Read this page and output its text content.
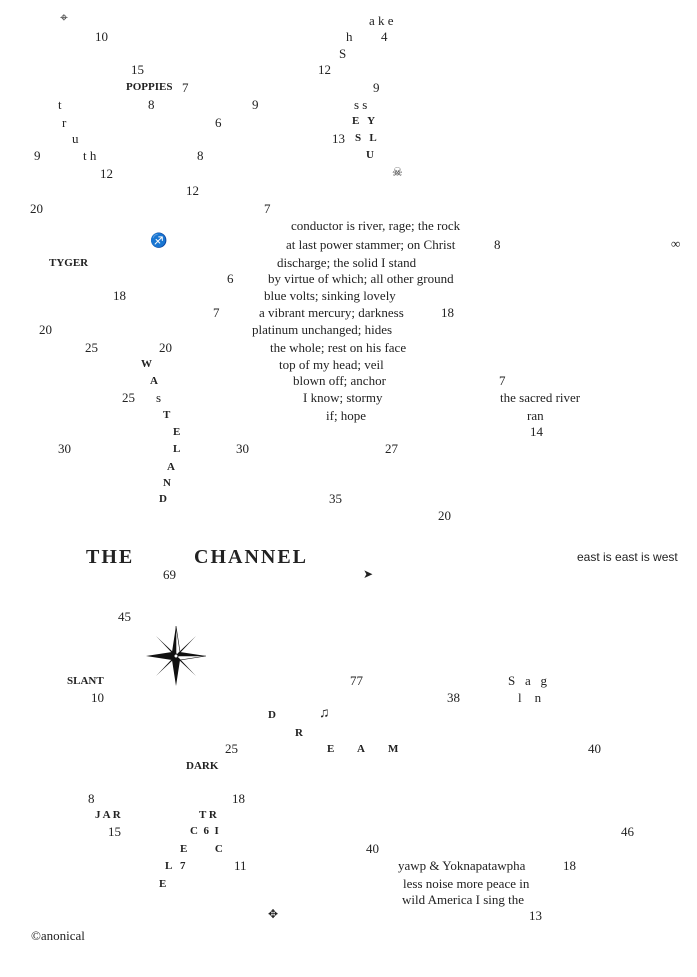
⌖	a k e
10	h 4
S
15	12
POPPIES 7	9
t	8	9	s s
r	6	E   Y
u	13 S   L
9	t h	8	U
12	☠
12
20	7
conductor is river, rage; the rock
♐	at last power stammer; on Christ	8	∞
TYGER	discharge; the solid I stand
6	by virtue of which; all other ground
18	blue volts; sinking lovely
7	a vibrant mercury; darkness	18
20	platinum unchanged; hides
25	20	the whole; rest on his face
W	top of my head; veil
A	blown off; anchor	7
25 s	I know; stormy	the sacred river
T	if; hope	ran
E	14
30	L	30	27
A
N
D	35
20
THE	CHANNEL	east is east is west
69	➤
45
SLANT	77	S   a   g
10	38	l    n
D	♫
R
25	E A M	40
DARK
8	18
J A R	T R
15	C  6  I	46
E          C	40
L   7	11	yawp & Yoknapatawpha	18
E	less noise more peace in
wild America I sing the
13
✥
©anonical
